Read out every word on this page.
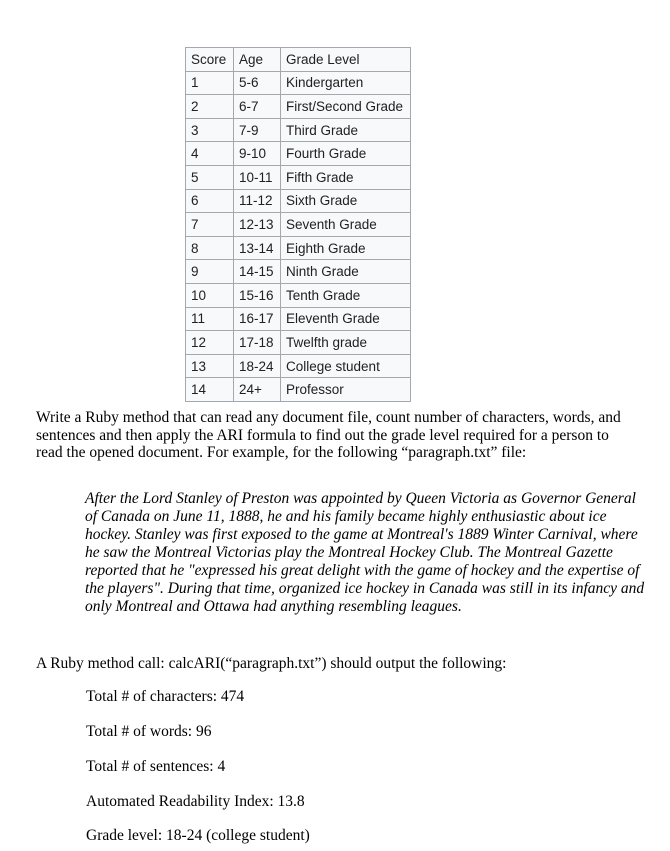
Score	Age	Grade Level
1	5-6	Kindergarten
2	6-7	First/Second Grade
3	7-9	Third Grade
4	9-10	Fourth Grade
5	10-11	Fifth Grade
6	11-12	Sixth Grade
7	12-13	Seventh Grade
8	13-14	Eighth Grade
9	14-15	Ninth Grade
10	15-16	Tenth Grade
11	16-17	Eleventh Grade
12	17-18	Twelfth grade
13	18-24	College student
14	24+	Professor

Write a Ruby method that can read any document file, count number of characters, words, and sentences and then apply the ARI formula to find out the grade level required for a person to read the opened document. For example, for the following “paragraph.txt” file:

After the Lord Stanley of Preston was appointed by Queen Victoria as Governor General of Canada on June 11, 1888, he and his family became highly enthusiastic about ice hockey. Stanley was first exposed to the game at Montreal's 1889 Winter Carnival, where he saw the Montreal Victorias play the Montreal Hockey Club. The Montreal Gazette reported that he "expressed his great delight with the game of hockey and the expertise of the players". During that time, organized ice hockey in Canada was still in its infancy and only Montreal and Ottawa had anything resembling leagues.

A Ruby method call: calcARI(“paragraph.txt”) should output the following:

Total # of characters: 474
Total # of words: 96
Total # of sentences: 4
Automated Readability Index: 13.8
Grade level: 18-24 (college student)
